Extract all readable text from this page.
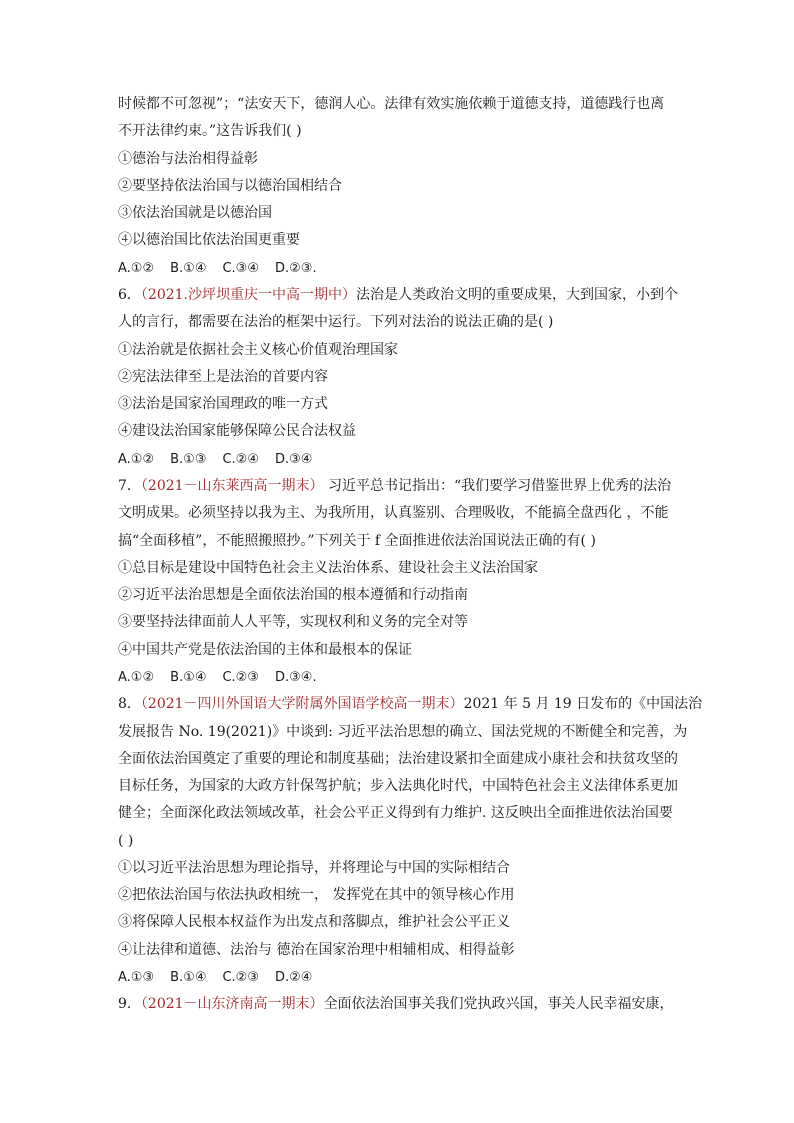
时候都不可忽视”；“法安天下，德润人心。法律有效实施依赖于道德支持，道德践行也离
不开法律约束。”这告诉我们( )
①德治与法治相得益彰
②要坚持依法治国与以德治国相结合
③依法治国就是以德治国
④以德治国比依法治国更重要
A.①② B.①④ C.③④ D.②③.
6．（2021.沙坪坝重庆一中高一期中）法治是人类政治文明的重要成果，大到国家，小到个
人的言行，都需要在法治的框架中运行。下列对法治的说法正确的是( )
①法治就是依据社会主义核心价值观治理国家
②宪法法律至上是法治的首要内容
③法治是国家治国理政的唯一方式
④建设法治国家能够保障公民合法权益
A.①② B.①③ C.②④ D.③④
7．（2021－山东莱西高一期末） 习近平总书记指出：“我们要学习借鉴世界上优秀的法治
文明成果。必须坚持以我为主、为我所用，认真鉴别、合理吸收，不能搞全盘西化 ，不能
搞“全面移植”，不能照搬照抄。”下列关于 f 全面推进依法治国说法正确的有( )
①总目标是建设中国特色社会主义法治体系、建设社会主义法治国家
②习近平法治思想是全面依法治国的根本遵循和行动指南
③要坚持法律面前人人平等，实现权利和义务的完全对等
④中国共产党是依法治国的主体和最根本的保证
A.①② B.①④ C.②③ D.③④.
8．（2021－四川外国语大学附属外国语学校高一期末）2021 年 5 月 19 日发布的《中国法治
发展报告 No. 19(2021)》中谈到: 习近平法治思想的确立、国法党规的不断健全和完善，为
全面依法治国奠定了重要的理论和制度基础；法治建设紧扣全面建成小康社会和扶贫攻坚的
目标任务，为国家的大政方针保驾护航；步入法典化时代，中国特色社会主义法律体系更加
健全；全面深化政法领域改革，社会公平正义得到有力维护. 这反映出全面推进依法治国要
( )
①以习近平法治思想为理论指导，并将理论与中国的实际相结合
②把依法治国与依法执政相统一， 发挥党在其中的领导核心作用
③将保障人民根本权益作为出发点和落脚点，维护社会公平正义
④让法律和道德、法治与 德治在国家治理中相辅相成、相得益彰
A.①③ B.①④ C.②③ D.②④
9．（2021－山东济南高一期末）全面依法治国事关我们党执政兴国，事关人民幸福安康，
